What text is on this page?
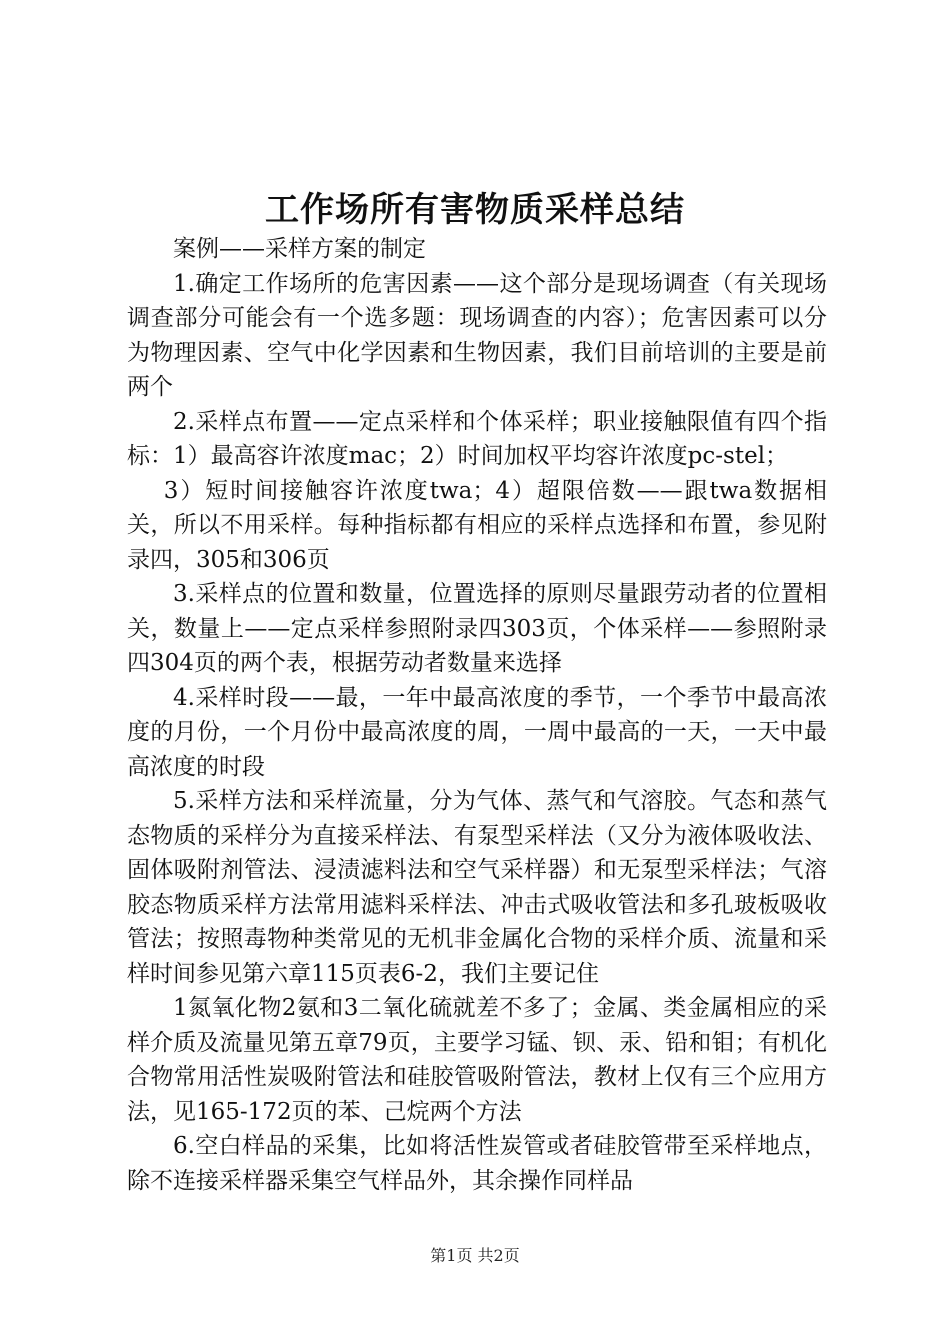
工作场所有害物质采样总结

案例——采样方案的制定

1.确定工作场所的危害因素——这个部分是现场调查（有关现场调查部分可能会有一个选多题：现场调查的内容）；危害因素可以分为物理因素、空气中化学因素和生物因素，我们目前培训的主要是前两个

2.采样点布置——定点采样和个体采样；职业接触限值有四个指标：1）最高容许浓度mac；2）时间加权平均容许浓度pc-stel；

3）短时间接触容许浓度twa；4）超限倍数——跟twa数据相关，所以不用采样。每种指标都有相应的采样点选择和布置，参见附录四，305和306页

3.采样点的位置和数量，位置选择的原则尽量跟劳动者的位置相关，数量上——定点采样参照附录四303页，个体采样——参照附录四304页的两个表，根据劳动者数量来选择

4.采样时段——最，一年中最高浓度的季节，一个季节中最高浓度的月份，一个月份中最高浓度的周，一周中最高的一天，一天中最高浓度的时段

5.采样方法和采样流量，分为气体、蒸气和气溶胶。气态和蒸气态物质的采样分为直接采样法、有泵型采样法（又分为液体吸收法、固体吸附剂管法、浸渍滤料法和空气采样器）和无泵型采样法；气溶胶态物质采样方法常用滤料采样法、冲击式吸收管法和多孔玻板吸收管法；按照毒物种类常见的无机非金属化合物的采样介质、流量和采样时间参见第六章115页表6-2，我们主要记住

1氮氧化物2氨和3二氧化硫就差不多了；金属、类金属相应的采样介质及流量见第五章79页，主要学习锰、钡、汞、铅和钼；有机化合物常用活性炭吸附管法和硅胶管吸附管法，教材上仅有三个应用方法，见165-172页的苯、己烷两个方法

6.空白样品的采集，比如将活性炭管或者硅胶管带至采样地点，除不连接采样器采集空气样品外，其余操作同样品

第1页 共2页
